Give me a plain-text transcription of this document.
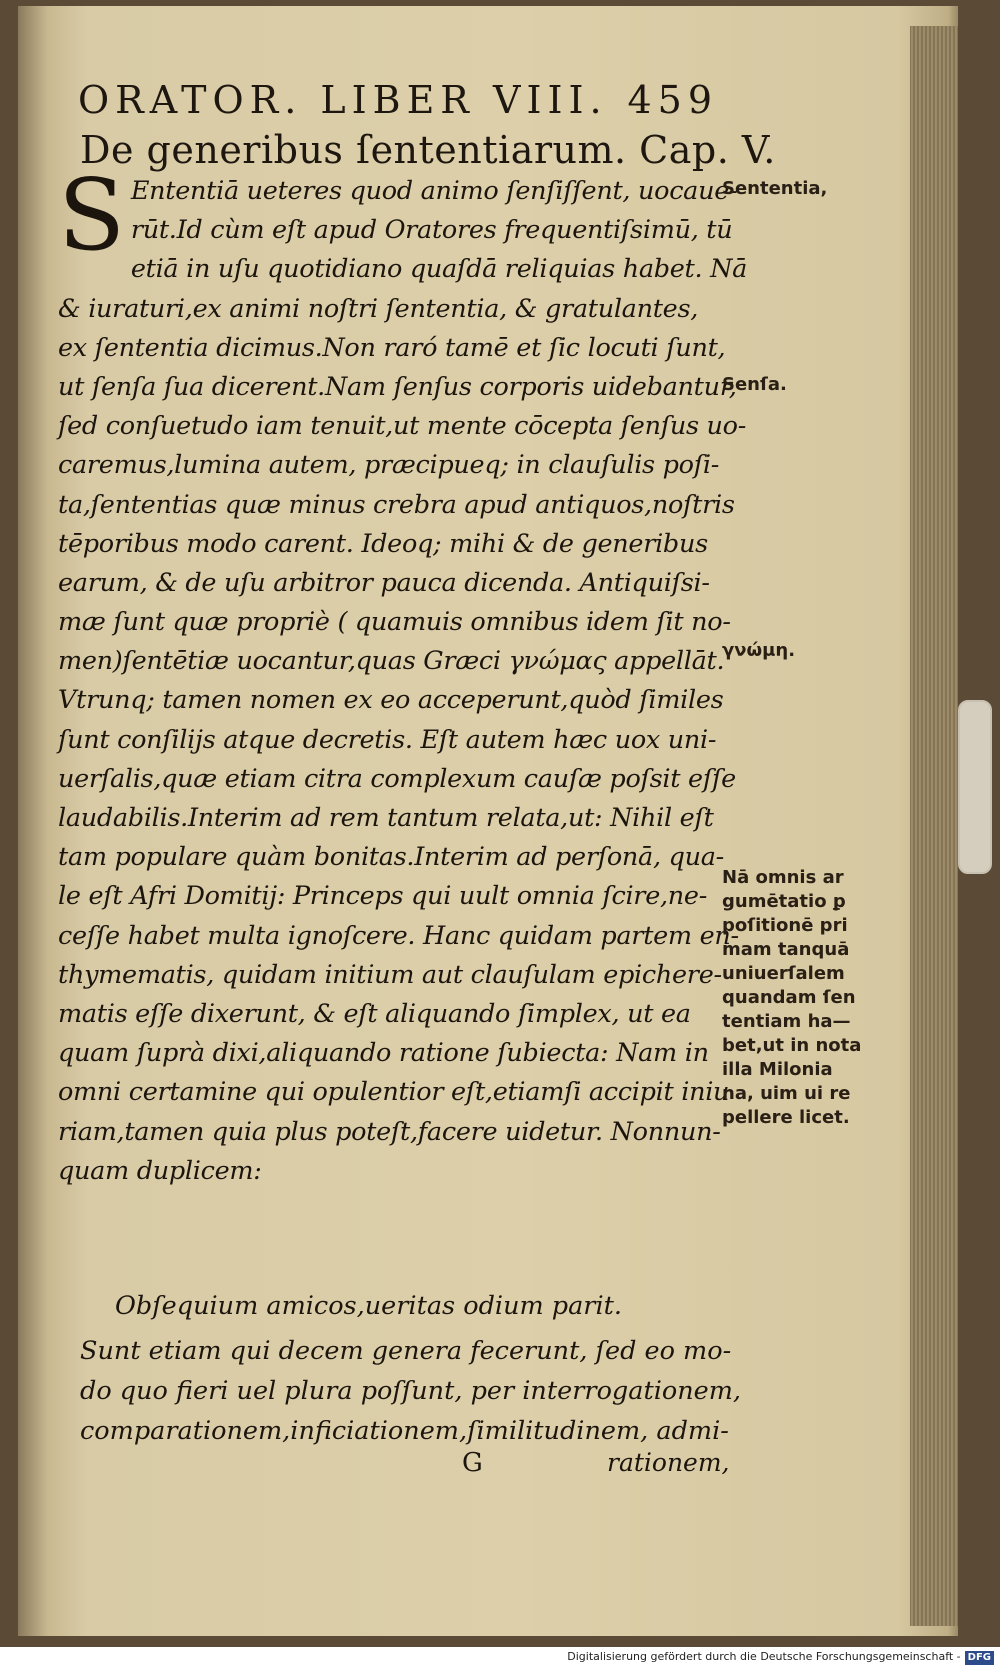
ORATOR. LIBER VIII. 459
De generibus ſententiarum. Cap. V.
S Ententiā ueteres quod animo ſenſiſſent, uocaue-
rūt.Id cùm eſt apud Oratores frequentiſsimū, tū
etiā in uſu quotidiano quaſdā reliquias habet. Nā
& iuraturi,ex animi noſtri ſententia, & gratulantes,
ex ſententia dicimus.Non raró tamē et ſic locuti ſunt,
ut ſenſa ſua dicerent.Nam ſenſus corporis uidebantur,
ſed conſuetudo iam tenuit,ut mente cōcepta ſenſus uo-
caremus,lumina autem, præcipueq; in clauſulis poſi-
ta,ſententias quæ minus crebra apud antiquos,noſtris
tēporibus modo carent. Ideoq; mihi & de generibus
earum, & de uſu arbitror pauca dicenda. Antiquiſsi-
mæ ſunt quæ propriè ( quamuis omnibus idem ſit no-
men)ſentētiæ uocantur,quas Græci γνώμας appellāt.
Vtrunq; tamen nomen ex eo acceperunt,quòd ſimiles
ſunt conſilijs atque decretis. Eſt autem hæc uox uni-
uerſalis,quæ etiam citra complexum cauſæ poſsit eſſe
laudabilis.Interim ad rem tantum relata,ut: Nihil eſt
tam populare quàm bonitas.Interim ad perſonā, qua-
le eſt Afri Domitij: Princeps qui uult omnia ſcire,ne-
ceſſe habet multa ignoſcere. Hanc quidam partem en-
thymematis, quidam initium aut clauſulam epichere-
matis eſſe dixerunt, & eſt aliquando ſimplex, ut ea
quam ſuprà dixi,aliquando ratione ſubiecta: Nam in
omni certamine qui opulentior eſt,etiamſi accipit iniu
riam,tamen quia plus poteſt,facere uidetur. Nonnun-
quam duplicem:
Obſequium amicos,ueritas odium parit.
Sunt etiam qui decem genera fecerunt, ſed eo mo-
do quo fieri uel plura poſſunt, per interrogationem,
comparationem,inficiationem,ſimilitudinem, admi-
G	rationem,
Sententia,
Senſa.
γνώμη.
Nā omnis ar
gumētatio ꝑ
poſitionē pri
mam tanquā
uniuerſalem
quandam ſen
tentiam ha—
bet,ut in nota
illa Milonia
na, uim ui re
pellere licet.
Digitalisierung gefördert durch die Deutsche Forschungsgemeinschaft - DFG
